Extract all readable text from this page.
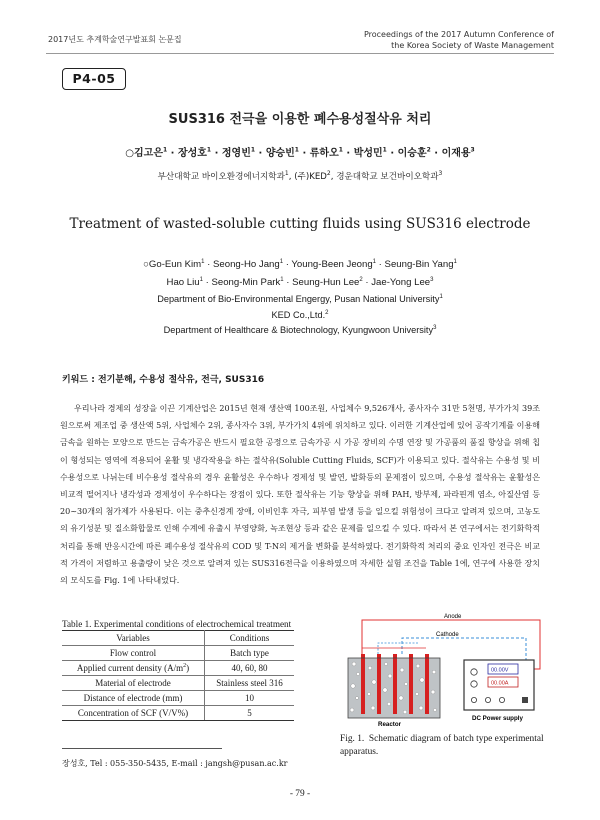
2017년도 추계학술연구발표회 논문집
Proceedings of the 2017 Autumn Conference of
the Korea Society of Waste Management
P4-05
SUS316 전극을 이용한 폐수용성절삭유 처리
○김고은$^1$ · 장성호$^1$ · 정영빈$^1$ · 양승빈$^1$ · 류하오$^1$ · 박성민$^1$ · 이승훈$^2$ · 이재용$^3$
부산대학교 바이오환경에너지학과$^1$, (주)KED$^2$, 경운대학교 보건바이오학과$^3$
Treatment of wasted-soluble cutting fluids using SUS316 electrode
○Go-Eun Kim$^1$ · Seong-Ho Jang$^1$ · Young-Been Jeong$^1$ · Seung-Bin Yang$^1$
Hao Liu$^1$ · Seong-Min Park$^1$ · Seung-Hun Lee$^2$ · Jae-Yong Lee$^3$
Department of Bio-Environmental Engergy, Pusan National University$^1$
KED Co.,Ltd.$^2$
Department of Healthcare & Biotechnology, Kyungwoon University$^3$
키워드 : 전기분해, 수용성 절삭유, 전극, SUS316
우리나라 경제의 성장을 이끈 기계산업은 2015년 현재 생산액 100조원, 사업체수 9,526개사, 종사자수 31만 5천명, 부가가치 39조원으로써 제조업 중 생산액 5위, 사업체수 2위, 종사자수 3위, 부가가치 4위에 위치하고 있다. 이러한 기계산업에 있어 공작기계를 이용해 금속을 원하는 모양으로 만드는 금속가공은 반드시 필요한 공정으로 금속가공 시 가공 장비의 수명 연장 및 가공품의 품질 향상을 위해 칩이 형성되는 영역에 적용되어 윤활 및 냉각작용을 하는 절삭유(Soluble Cutting Fluids, SCF)가 이용되고 있다. 절삭유는 수용성 및 비수용성으로 나뉘는데 비수용성 절삭유의 경우 윤활성은 우수하나 경제성 및 발연, 발화등의 문제점이 있으며, 수용성 절삭유는 윤활성은 비교적 떨어지나 냉각성과 경제성이 우수하다는 장점이 있다. 또한 절삭유는 기능 향상을 위해 PAH, 방부제, 파라핀계 염소, 아질산염 등 20~30개의 첨가제가 사용된다. 이는 중추신경계 장애, 이비인후 자극, 피부염 발생 등을 일으킬 위험성이 크다고 알려져 있으며, 고농도의 유기성분 및 질소화합물로 인해 수계에 유출시 부영양화, 녹조현상 등과 같은 문제를 일으킬 수 있다. 따라서 본 연구에서는 전기화학적 처리를 통해 반응시간에 따른 폐수용성 절삭유의 COD 및 T-N의 제거율 변화를 분석하였다. 전기화학적 처리의 중요 인자인 전극은 비교적 가격이 저렴하고 용출량이 낮은 것으로 알려져 있는 SUS316전극을 이용하였으며 자세한 실험 조건을 Table 1에, 연구에 사용한 장치의 모식도를 Fig. 1에 나타내었다.
Table 1. Experimental conditions of electrochemical treatment
Variables	Conditions
Flow control	Batch type
Applied current density $(A/m^2)$	40, 60, 80
Material of electrode	Stainless steel 316
Distance of electrode (mm)	10
Concentration of SCF (V/V%)	5
Anode
Cathode
Reactor
00.00V
00.00A
DC Power supply
Fig. 1. Schematic diagram of batch type experimental apparatus.
장성호, Tel : 055-350-5435, E-mail : jangsh@pusan.ac.kr
- 79 -
